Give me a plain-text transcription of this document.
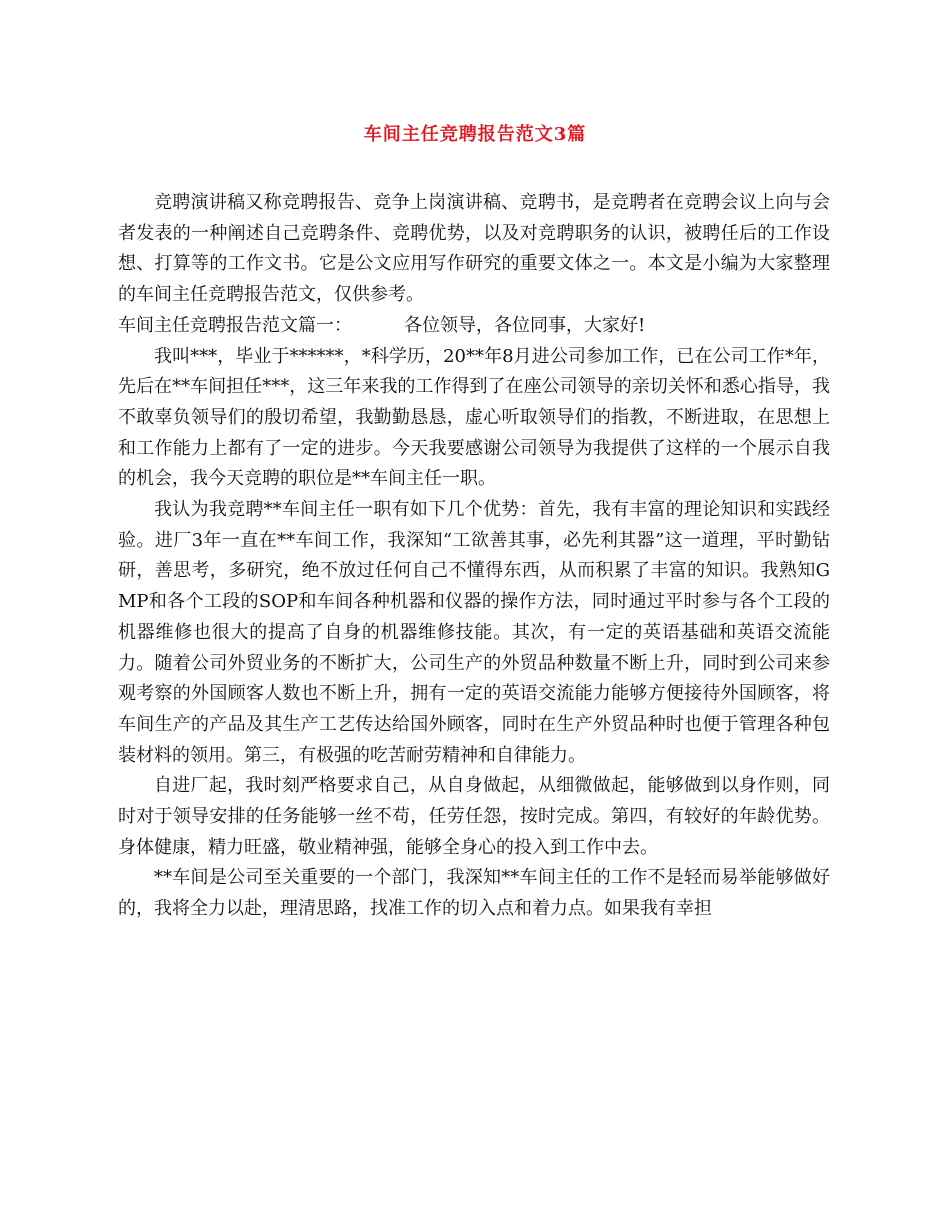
车间主任竞聘报告范文3篇

竞聘演讲稿又称竞聘报告、竞争上岗演讲稿、竞聘书，是竞聘者在竞聘会议上向与会者发表的一种阐述自己竞聘条件、竞聘优势，以及对竞聘职务的认识，被聘任后的工作设想、打算等的工作文书。它是公文应用写作研究的重要文体之一。本文是小编为大家整理的车间主任竞聘报告范文，仅供参考。

车间主任竞聘报告范文篇一：	各位领导，各位同事，大家好!

我叫***，毕业于******，*科学历，20**年8月进公司参加工作，已在公司工作*年，先后在**车间担任***，这三年来我的工作得到了在座公司领导的亲切关怀和悉心指导，我不敢辜负领导们的殷切希望，我勤勤恳恳，虚心听取领导们的指教，不断进取，在思想上和工作能力上都有了一定的进步。今天我要感谢公司领导为我提供了这样的一个展示自我的机会，我今天竞聘的职位是**车间主任一职。

我认为我竞聘**车间主任一职有如下几个优势：首先，我有丰富的理论知识和实践经验。进厂3年一直在**车间工作，我深知“工欲善其事，必先利其器”这一道理，平时勤钻研，善思考，多研究，绝不放过任何自己不懂得东西，从而积累了丰富的知识。我熟知GMP和各个工段的SOP和车间各种机器和仪器的操作方法，同时通过平时参与各个工段的机器维修也很大的提高了自身的机器维修技能。其次，有一定的英语基础和英语交流能力。随着公司外贸业务的不断扩大，公司生产的外贸品种数量不断上升，同时到公司来参观考察的外国顾客人数也不断上升，拥有一定的英语交流能力能够方便接待外国顾客，将车间生产的产品及其生产工艺传达给国外顾客，同时在生产外贸品种时也便于管理各种包装材料的领用。第三，有极强的吃苦耐劳精神和自律能力。

自进厂起，我时刻严格要求自己，从自身做起，从细微做起，能够做到以身作则，同时对于领导安排的任务能够一丝不苟，任劳任怨，按时完成。第四，有较好的年龄优势。身体健康，精力旺盛，敬业精神强，能够全身心的投入到工作中去。

**车间是公司至关重要的一个部门，我深知**车间主任的工作不是轻而易举能够做好的，我将全力以赴，理清思路，找准工作的切入点和着力点。如果我有幸担
